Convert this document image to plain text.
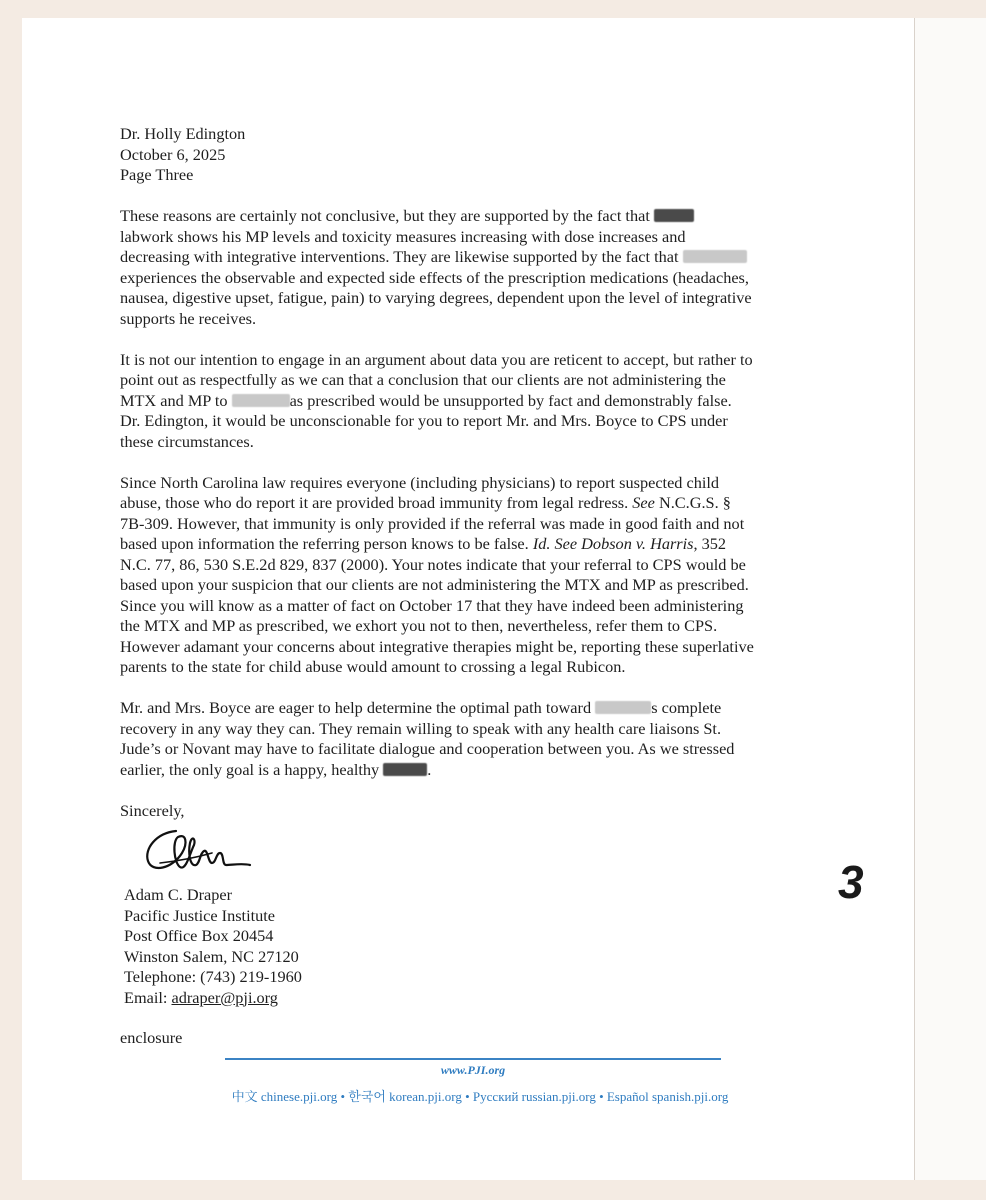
Dr. Holly Edington
October 6, 2025
Page Three
These reasons are certainly not conclusive, but they are supported by the fact that
labwork shows his MP levels and toxicity measures increasing with dose increases and
decreasing with integrative interventions. They are likewise supported by the fact that
experiences the observable and expected side effects of the prescription medications (headaches,
nausea, digestive upset, fatigue, pain) to varying degrees, dependent upon the level of integrative
supports he receives.
It is not our intention to engage in an argument about data you are reticent to accept, but rather to
point out as respectfully as we can that a conclusion that our clients are not administering the
MTX and MP to	as prescribed would be unsupported by fact and demonstrably false.
Dr. Edington, it would be unconscionable for you to report Mr. and Mrs. Boyce to CPS under
these circumstances.
Since North Carolina law requires everyone (including physicians) to report suspected child
abuse, those who do report it are provided broad immunity from legal redress. See N.C.G.S. §
7B-309. However, that immunity is only provided if the referral was made in good faith and not
based upon information the referring person knows to be false. Id. See Dobson v. Harris, 352
N.C. 77, 86, 530 S.E.2d 829, 837 (2000). Your notes indicate that your referral to CPS would be
based upon your suspicion that our clients are not administering the MTX and MP as prescribed.
Since you will know as a matter of fact on October 17 that they have indeed been administering
the MTX and MP as prescribed, we exhort you not to then, nevertheless, refer them to CPS.
However adamant your concerns about integrative therapies might be, reporting these superlative
parents to the state for child abuse would amount to crossing a legal Rubicon.
Mr. and Mrs. Boyce are eager to help determine the optimal path toward	s complete
recovery in any way they can. They remain willing to speak with any health care liaisons St.
Jude’s or Novant may have to facilitate dialogue and cooperation between you. As we stressed
earlier, the only goal is a happy, healthy	.
Sincerely,
Adam C. Draper
Pacific Justice Institute
Post Office Box 20454
Winston Salem, NC 27120
Telephone: (743) 219-1960
Email: adraper@pji.org
enclosure
3
www.PJI.org
中文 chinese.pji.org • 한국어 korean.pji.org • Русский russian.pji.org • Español spanish.pji.org
